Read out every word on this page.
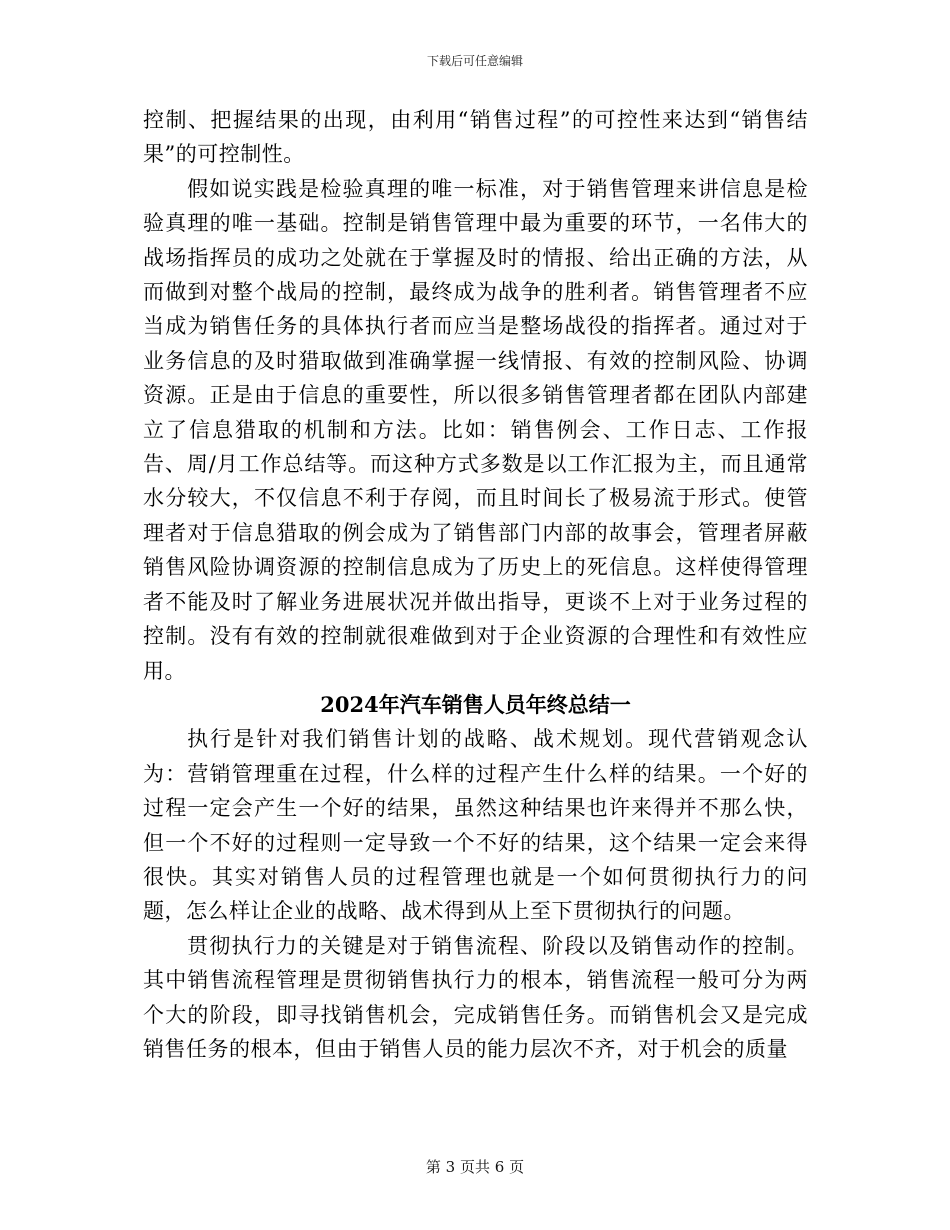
下载后可任意编辑

控制、把握结果的出现，由利用“销售过程”的可控性来达到“销售结果”的可控制性。

假如说实践是检验真理的唯一标准，对于销售管理来讲信息是检验真理的唯一基础。控制是销售管理中最为重要的环节，一名伟大的战场指挥员的成功之处就在于掌握及时的情报、给出正确的方法，从而做到对整个战局的控制，最终成为战争的胜利者。销售管理者不应当成为销售任务的具体执行者而应当是整场战役的指挥者。通过对于业务信息的及时猎取做到准确掌握一线情报、有效的控制风险、协调资源。正是由于信息的重要性，所以很多销售管理者都在团队内部建立了信息猎取的机制和方法。比如：销售例会、工作日志、工作报告、周/月工作总结等。而这种方式多数是以工作汇报为主，而且通常水分较大，不仅信息不利于存阅，而且时间长了极易流于形式。使管理者对于信息猎取的例会成为了销售部门内部的故事会，管理者屏蔽销售风险协调资源的控制信息成为了历史上的死信息。这样使得管理者不能及时了解业务进展状况并做出指导，更谈不上对于业务过程的控制。没有有效的控制就很难做到对于企业资源的合理性和有效性应用。

2024年汽车销售人员年终总结一

执行是针对我们销售计划的战略、战术规划。现代营销观念认为：营销管理重在过程，什么样的过程产生什么样的结果。一个好的过程一定会产生一个好的结果，虽然这种结果也许来得并不那么快，但一个不好的过程则一定导致一个不好的结果，这个结果一定会来得很快。其实对销售人员的过程管理也就是一个如何贯彻执行力的问题，怎么样让企业的战略、战术得到从上至下贯彻执行的问题。

贯彻执行力的关键是对于销售流程、阶段以及销售动作的控制。其中销售流程管理是贯彻销售执行力的根本，销售流程一般可分为两个大的阶段，即寻找销售机会，完成销售任务。而销售机会又是完成销售任务的根本，但由于销售人员的能力层次不齐，对于机会的质量

第 3 页共 6 页
